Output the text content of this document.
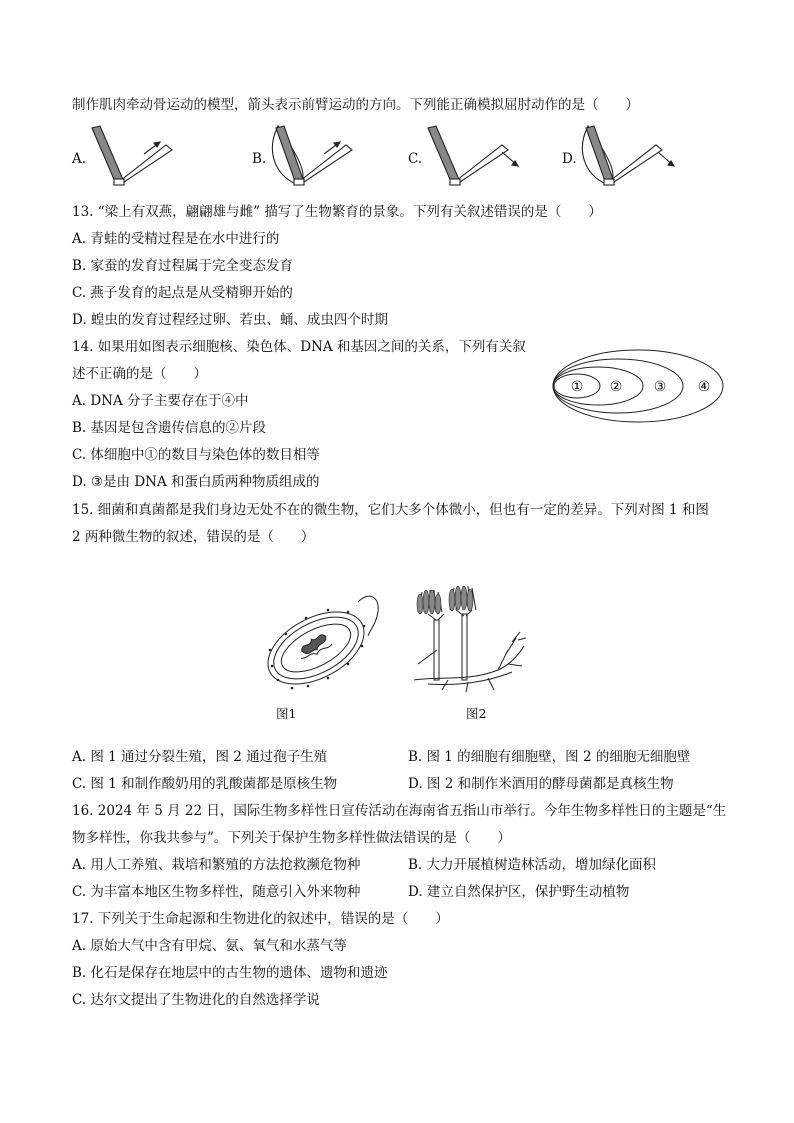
制作肌肉牵动骨运动的模型，箭头表示前臂运动的方向。下列能正确模拟屈肘动作的是（　　）
A.	B.	C.	D.
13. “梁上有双燕，翩翩雄与雌” 描写了生物繁育的景象。下列有关叙述错误的是（　　）
A. 青蛙的受精过程是在水中进行的
B. 家蚕的发育过程属于完全变态发育
C. 燕子发育的起点是从受精卵开始的
D. 蝗虫的发育过程经过卵、若虫、蛹、成虫四个时期
14. 如果用如图表示细胞核、染色体、DNA 和基因之间的关系，下列有关叙
述不正确的是（　　）
A. DNA 分子主要存在于④中
B. 基因是包含遗传信息的②片段
C. 体细胞中①的数目与染色体的数目相等
D. ③是由 DNA 和蛋白质两种物质组成的
① ② ③ ④
15. 细菌和真菌都是我们身边无处不在的微生物，它们大多个体微小，但也有一定的差异。下列对图 1 和图
2 两种微生物的叙述，错误的是（　　）
图1	图2
A. 图 1 通过分裂生殖，图 2 通过孢子生殖	B. 图 1 的细胞有细胞壁，图 2 的细胞无细胞壁
C. 图 1 和制作酸奶用的乳酸菌都是原核生物	D. 图 2 和制作米酒用的酵母菌都是真核生物
16. 2024 年 5 月 22 日，国际生物多样性日宣传活动在海南省五指山市举行。今年生物多样性日的主题是“生
物多样性，你我共参与”。下列关于保护生物多样性做法错误的是（　　）
A. 用人工养殖、栽培和繁殖的方法抢救濒危物种	B. 大力开展植树造林活动，增加绿化面积
C. 为丰富本地区生物多样性，随意引入外来物种	D. 建立自然保护区，保护野生动植物
17. 下列关于生命起源和生物进化的叙述中，错误的是（　　）
A. 原始大气中含有甲烷、氨、氧气和水蒸气等
B. 化石是保存在地层中的古生物的遗体、遗物和遗迹
C. 达尔文提出了生物进化的自然选择学说
